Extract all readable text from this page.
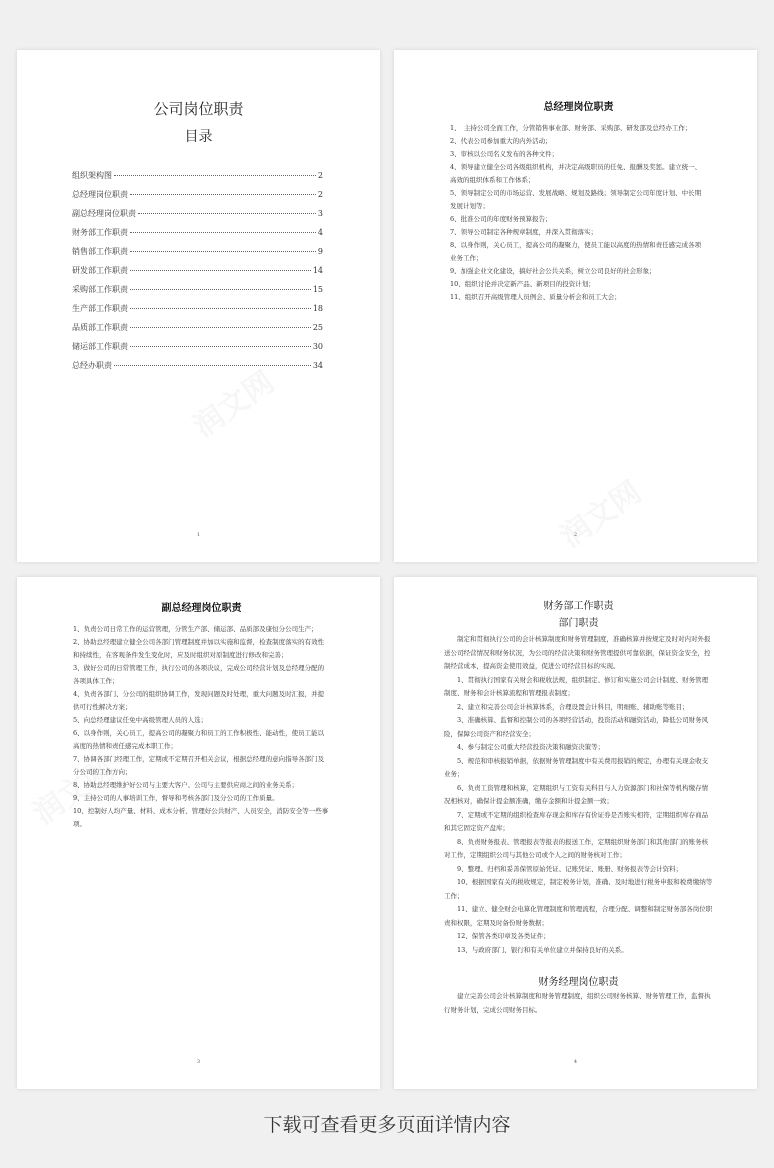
公司岗位职责
目录
组织架构图	2
总经理岗位职责	2
副总经理岗位职责	3
财务部工作职责	4
销售部工作职责	9
研发部工作职责	14
采购部工作职责	15
生产部工作职责	18
品质部工作职责	25
储运部工作职责	30
总经办职责	34
1
总经理岗位职责
1、　主持公司全面工作，分管销售事业部、财务部、采购部、研发部及总经办工作；
2、代表公司参加重大的内外活动；
3、审核以公司名义发布的各种文件；
4、领导建立健全公司各级组织机构，并决定高级职员的任免、报酬及奖惩。建立统一、高效的组织体系和工作体系；
5、领导制定公司的市场运营、发展战略、规划及路线；领导制定公司年度计划、中长期发展计划等；
6、批准公司的年度财务预算报告；
7、领导公司制定各种规章制度，并深入贯彻落实；
8、以身作则，关心员工，提高公司的凝聚力，使员工能以高度的热情和责任感完成各项业务工作；
9、加强企业文化建设，搞好社会公共关系，树立公司良好的社会形象；
10、组织讨论并决定新产品、新项目的投资计划；
11、组织召开高级管理人员例会、质量分析会和员工大会；
2
副总经理岗位职责
1、负责公司日常工作的运营管理，分管生产部、储运部、品质部及康恒分公司生产；
2、协助总经理建立健全公司各部门管理制度并加以实施和监督，检查制度落实的有效性和持续性，在客观条件发生变化时，应及时组织对原制度进行修改和完善；
3、做好公司的日常管理工作，执行公司的各项决议，完成公司经营计划及总经理分配的各项具体工作；
4、负责各部门、分公司的组织协调工作，发现问题及时处理，重大问题及时汇报，并提供可行性解决方案；
5、向总经理建议任免中高级管理人员的人选；
6、以身作则，关心员工，提高公司的凝聚力和员工的工作积极性、能动性，使员工能以高度的热情和责任感完成本职工作；
7、协调各部门经理工作，定期或不定期召开相关会议，根据总经理的意向指导各部门及分公司的工作方向；
8、协助总经理维护好公司与主要大客户、公司与主要供应商之间的业务关系；
9、主持公司的人事培训工作，督导和考核各部门及分公司的工作质量。
10、控制好人均产量、材料、成本分析、管理好公共财产、人员安全，消防安全等一些事项。
3
财务部工作职责
部门职责
制定和贯彻执行公司的会计核算制度和财务管理制度，准确核算并按规定及时对内对外报送公司经营情况和财务状况，为公司的经营决策和财务管理提供可靠依据，保证资金安全，控制经营成本，提高资金使用效益，促进公司经营目标的实现。
1、贯彻执行国家有关财会和税收法规，组织制定、修订和实施公司会计制度、财务管理制度、财务和会计核算流程和管理报表制度；
2、建立和完善公司会计核算体系，合理设置会计科目，明细账、辅助账等账目；
3、准确核算、监督和控制公司的各项经营活动，投资活动和融资活动，降低公司财务风险，保障公司资产和经营安全；
4、参与制定公司重大经营投资决策和融资决策等；
5、规范和审核报销单据，依据财务管理制度中有关费用报销的规定，办理有关现金收支业务；
6、负责工资管理和核算，定期组织与工资有关科目与人力资源部门和社保等机构缴存情况相核对，确保计提金额准确，缴存金额和计提金额一致；
7、定期或不定期的组织检查库存现金和库存有价证券是否账实相符，定期组织库存商品和其它固定资产盘库；
8、负责财务报表、管理报表等报表的报送工作，定期组织财务部门和其他部门的账务核对工作，定期组织公司与其他公司或个人之间的财务核对工作；
9、整理、归档和妥善保管原始凭证、记账凭证、账册、财务报表等会计资料；
10、根据国家有关的税收规定，制定税务计划，准确、及时地进行税务申报和税费缴纳等工作；
11、建立、健全财会电算化管理制度和管理流程，合理分配、调整和制定财务部各岗位职责和权限，定期及时备份财务数据；
12、保管各类印章及各类证件；
13、与政府部门、银行和有关单位建立并保持良好的关系。
财务经理岗位职责
建立完善公司会计核算制度和财务管理制度，组织公司财务核算、财务管理工作，监督执行财务计划，完成公司财务目标。
4
下载可查看更多页面详情内容
